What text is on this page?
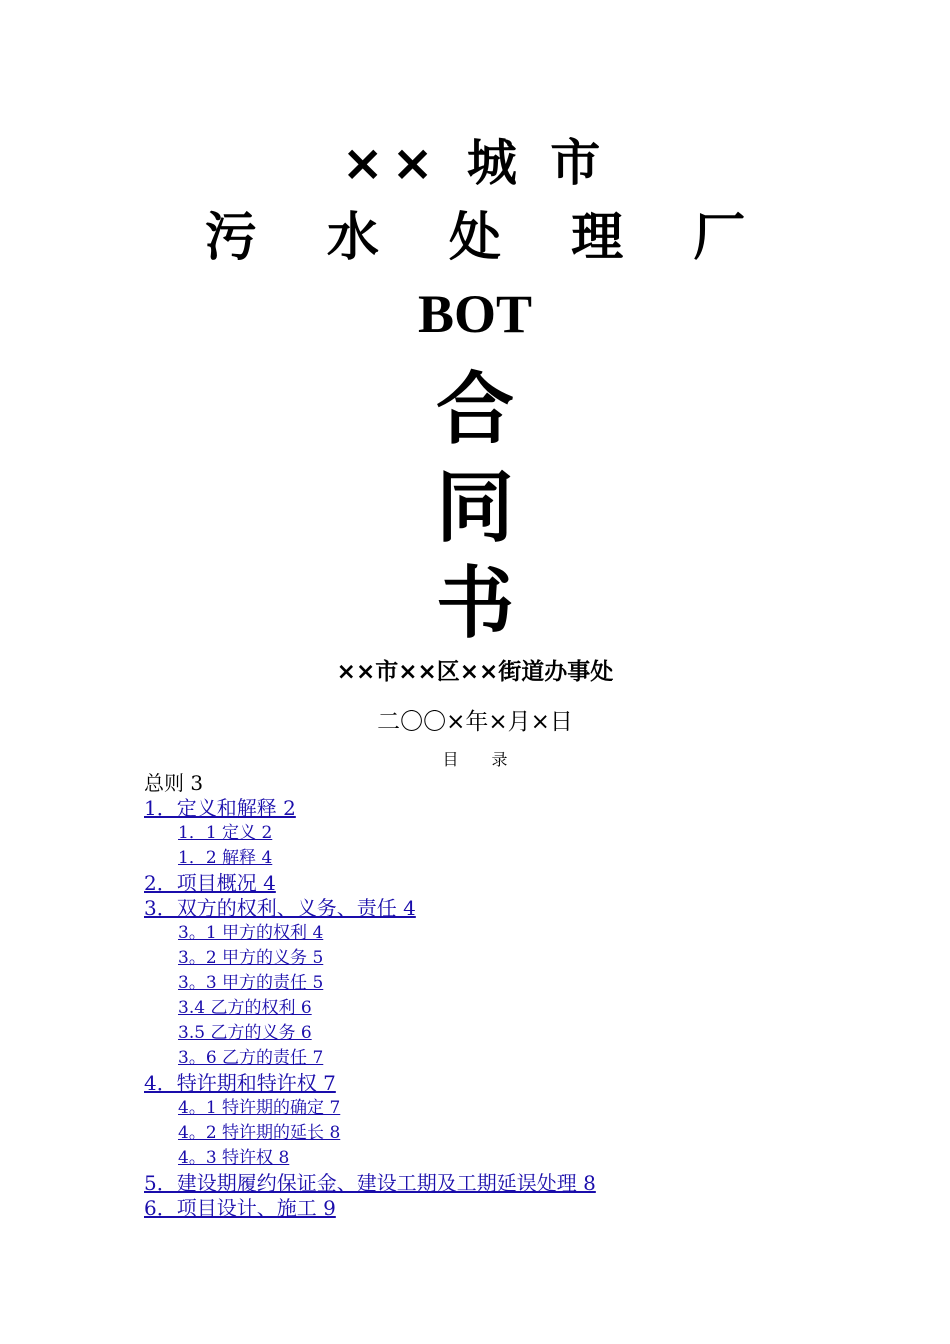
×× 城 市
污 水 处 理 厂
BOT
合
同
书
××市××区××街道办事处
二〇〇×年×月×日
目 录
总则 3
1．定义和解释 2
1．1 定义 2
1．2 解释 4
2．项目概况 4
3．双方的权利、义务、责任 4
3。1 甲方的权利 4
3。2 甲方的义务 5
3。3 甲方的责任 5
3.4 乙方的权利 6
3.5 乙方的义务 6
3。6 乙方的责任 7
4．特许期和特许权 7
4。1 特许期的确定 7
4。2 特许期的延长 8
4。3 特许权 8
5．建设期履约保证金、建设工期及工期延误处理 8
6．项目设计、施工 9
